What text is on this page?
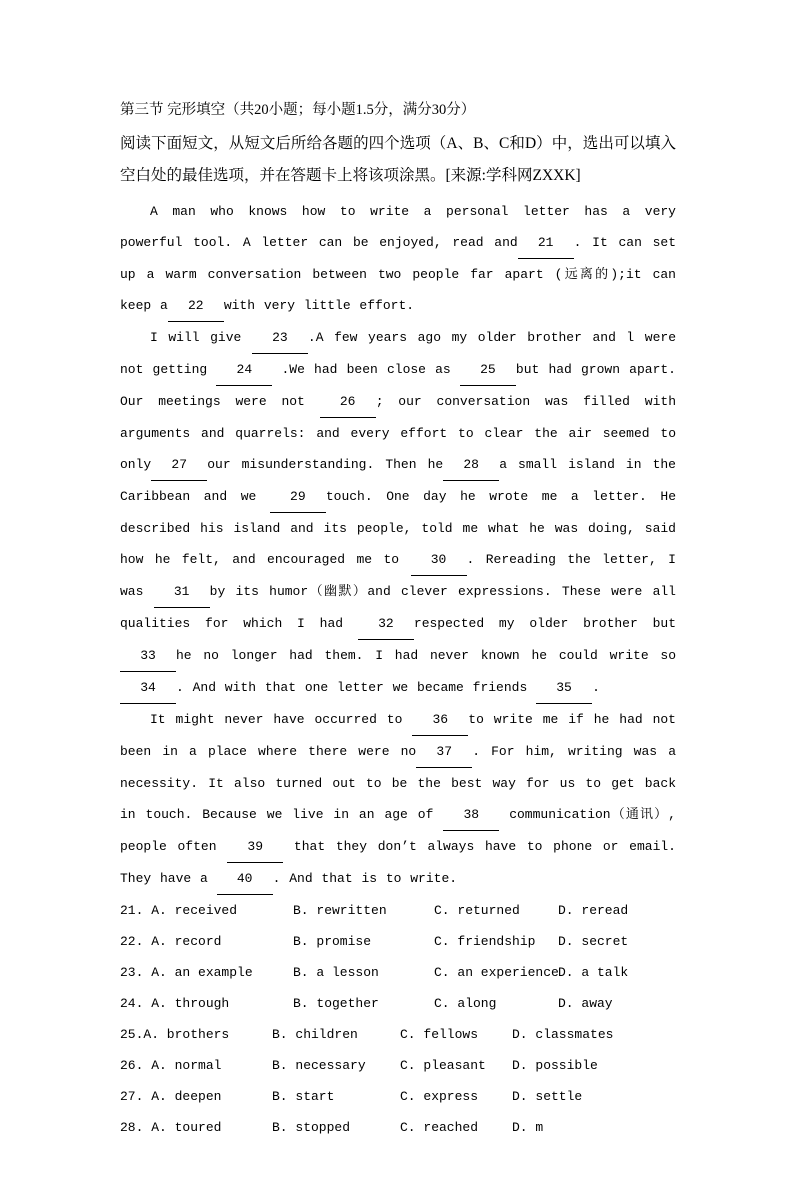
第三节 完形填空（共20小题；每小题1.5分，满分30分）

阅读下面短文，从短文后所给各题的四个选项（A、B、C和D）中，选出可以填入空白处的最佳选项，并在答题卡上将该项涂黑。[来源:学科网ZXXK]

A man who knows how to write a personal letter has a very powerful tool. A letter can be enjoyed, read and 21 . It can set up a warm conversation between two people far apart (远离的);it can keep a 22 with very little effort.

I will give 23 .A few years ago my older brother and l were not getting 24 .We had been close as 25 but had grown apart. Our meetings were not 26 ; our conversation was filled with arguments and quarrels: and every effort to clear the air seemed to only 27 our misunderstanding. Then he 28 a small island in the Caribbean and we 29 touch. One day he wrote me a letter. He described his island and its people, told me what he was doing, said how he felt, and encouraged me to 30 . Rereading the letter, I was 31 by its humor（幽默）and clever expressions. These were all qualities for which I had 32 respected my older brother but 33 he no longer had them. I had never known he could write so34 . And with that one letter we became friends 35 .

It might never have occurred to 36 to write me if he had not been in a place where there were no 37 . For him, writing was a necessity. It also turned out to be the best way for us to get back in touch. Because we live in an age of 38 communication（通讯）, people often 39 that they don’t always have to phone or email. They have a 40 . And that is to write.

21. A. received	B. rewritten	C. returned	D. reread
22. A. record	B. promise	C. friendship	D. secret
23. A. an example	B. a lesson	C. an experience D. a talk
24. A. through	B. together	C. along	D. away
25.A. brothers	B. children	C. fellows	D. classmates
26. A. normal	B. necessary	C. pleasant	D. possible
27. A. deepen	B. start	C. express	D. settle
28. A. toured	B. stopped	C. reached	D. m
